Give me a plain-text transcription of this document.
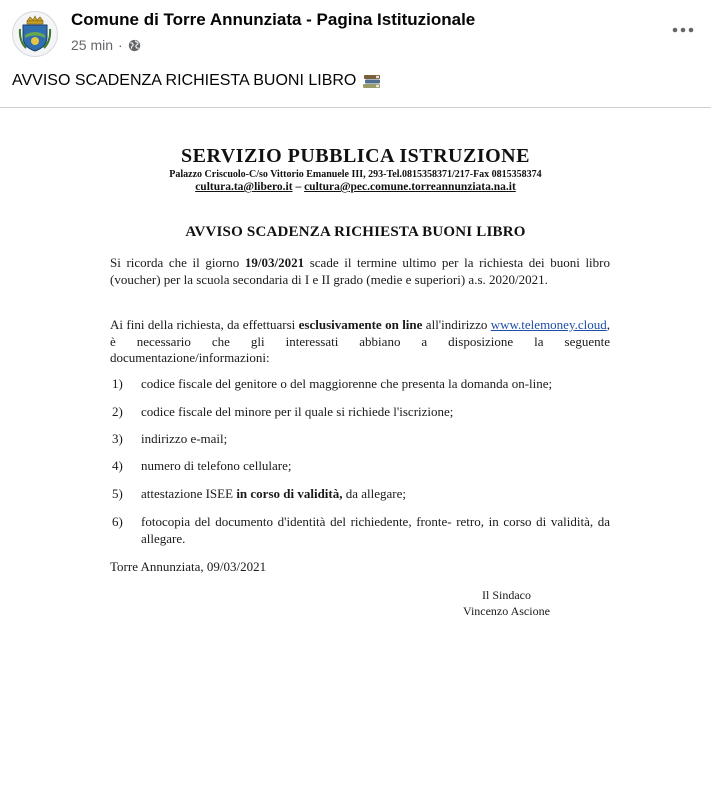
Comune di Torre Annunziata - Pagina Istituzionale
25 min ·
AVVISO SCADENZA RICHIESTA BUONI LIBRO
SERVIZIO PUBBLICA ISTRUZIONE
Palazzo Criscuolo-C/so Vittorio Emanuele III, 293-Tel.0815358371/217-Fax 0815358374
cultura.ta@libero.it – cultura@pec.comune.torreannunziata.na.it
AVVISO SCADENZA RICHIESTA BUONI LIBRO
Si ricorda che il giorno 19/03/2021 scade il termine ultimo per la richiesta dei buoni libro (voucher) per la scuola secondaria di I e II grado (medie e superiori) a.s. 2020/2021.
Ai fini della richiesta, da effettuarsi esclusivamente on line all'indirizzo www.telemoney.cloud, è necessario che gli interessati abbiano a disposizione la seguente documentazione/informazioni:
1)	codice fiscale del genitore o del maggiorenne che presenta la domanda on-line;
2)	codice fiscale del minore per il quale si richiede l'iscrizione;
3)	indirizzo e-mail;
4)	numero di telefono cellulare;
5)	attestazione ISEE in corso di validità, da allegare;
6)	fotocopia del documento d'identità del richiedente, fronte- retro, in corso di validità, da allegare.
Torre Annunziata, 09/03/2021
Il Sindaco
Vincenzo Ascione
